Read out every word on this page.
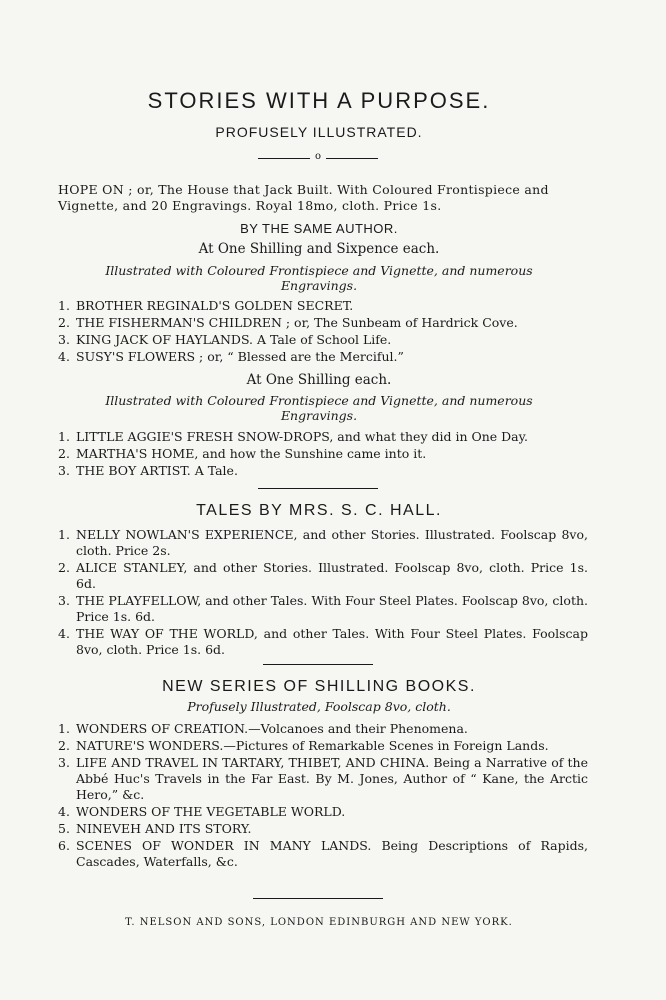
STORIES WITH A PURPOSE.
PROFUSELY ILLUSTRATED.
o
HOPE ON ; or, The House that Jack Built. With Coloured Frontispiece and Vignette, and 20 Engravings. Royal 18mo, cloth. Price 1s.
BY THE SAME AUTHOR.
At One Shilling and Sixpence each.
Illustrated with Coloured Frontispiece and Vignette, and numerous Engravings.
1. BROTHER REGINALD'S GOLDEN SECRET.
2. THE FISHERMAN'S CHILDREN ; or, The Sunbeam of Hardrick Cove.
3. KING JACK OF HAYLANDS. A Tale of School Life.
4. SUSY'S FLOWERS ; or, “ Blessed are the Merciful.”
At One Shilling each.
Illustrated with Coloured Frontispiece and Vignette, and numerous Engravings.
1. LITTLE AGGIE'S FRESH SNOW-DROPS, and what they did in One Day.
2. MARTHA'S HOME, and how the Sunshine came into it.
3. THE BOY ARTIST. A Tale.
TALES BY MRS. S. C. HALL.
1. NELLY NOWLAN'S EXPERIENCE, and other Stories. Illustrated. Foolscap 8vo, cloth. Price 2s.
2. ALICE STANLEY, and other Stories. Illustrated. Foolscap 8vo, cloth. Price 1s. 6d.
3. THE PLAYFELLOW, and other Tales. With Four Steel Plates. Foolscap 8vo, cloth. Price 1s. 6d.
4. THE WAY OF THE WORLD, and other Tales. With Four Steel Plates. Foolscap 8vo, cloth. Price 1s. 6d.
NEW SERIES OF SHILLING BOOKS.
Profusely Illustrated, Foolscap 8vo, cloth.
1. WONDERS OF CREATION.—Volcanoes and their Phenomena.
2. NATURE'S WONDERS.—Pictures of Remarkable Scenes in Foreign Lands.
3. LIFE AND TRAVEL IN TARTARY, THIBET, AND CHINA. Being a Narrative of the Abbé Huc's Travels in the Far East. By M. Jones, Author of “ Kane, the Arctic Hero,” &c.
4. WONDERS OF THE VEGETABLE WORLD.
5. NINEVEH AND ITS STORY.
6. SCENES OF WONDER IN MANY LANDS. Being Descriptions of Rapids, Cascades, Waterfalls, &c.
T. NELSON AND SONS, LONDON EDINBURGH AND NEW YORK.
